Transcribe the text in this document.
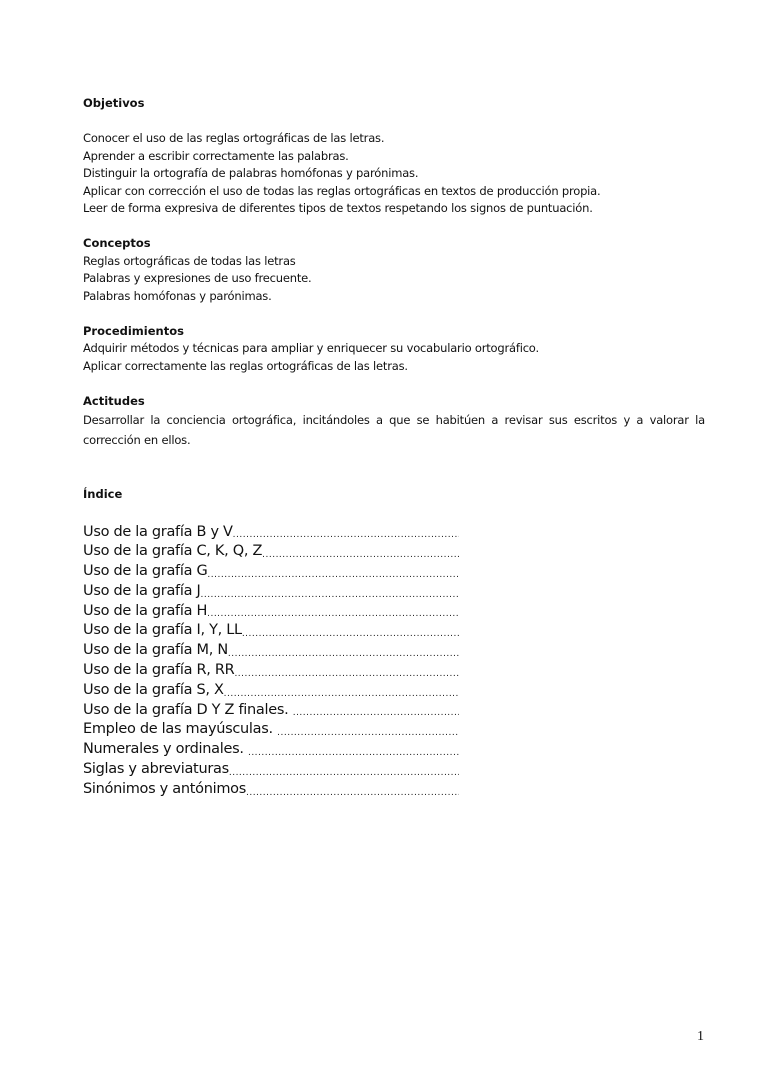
Objetivos

Conocer el uso de las reglas ortográficas de las letras.

Aprender a escribir correctamente las palabras.

Distinguir la ortografía de palabras homófonas y parónimas.

Aplicar con corrección el uso de todas las reglas ortográficas en textos de producción propia.

Leer de forma expresiva de diferentes tipos de textos respetando los signos de puntuación.

Conceptos

Reglas ortográficas de todas las letras

Palabras y expresiones de uso frecuente.

Palabras homófonas y parónimas.

Procedimientos

Adquirir métodos y técnicas para ampliar y enriquecer su vocabulario ortográfico.

Aplicar correctamente las reglas ortográficas de las letras.

Actitudes

Desarrollar la conciencia ortográfica, incitándoles a que se habitúen a revisar sus escritos y a valorar la corrección en ellos.

Índice

Uso de la grafía B y V
.....
Uso de la grafía C, K, Q, Z
.....
Uso de la grafía G
.....
Uso de la grafía J
.....
Uso de la grafía H
.....
Uso de la grafía I, Y, LL
.....
Uso de la grafía M, N
.....
Uso de la grafía R, RR
.....
Uso de la grafía S, X
.....
Uso de la grafía D Y Z finales.
.....
Empleo de las mayúsculas.
.....
Numerales y ordinales.
.....
Siglas y abreviaturas
.....
Sinónimos y antónimos
.....
1
